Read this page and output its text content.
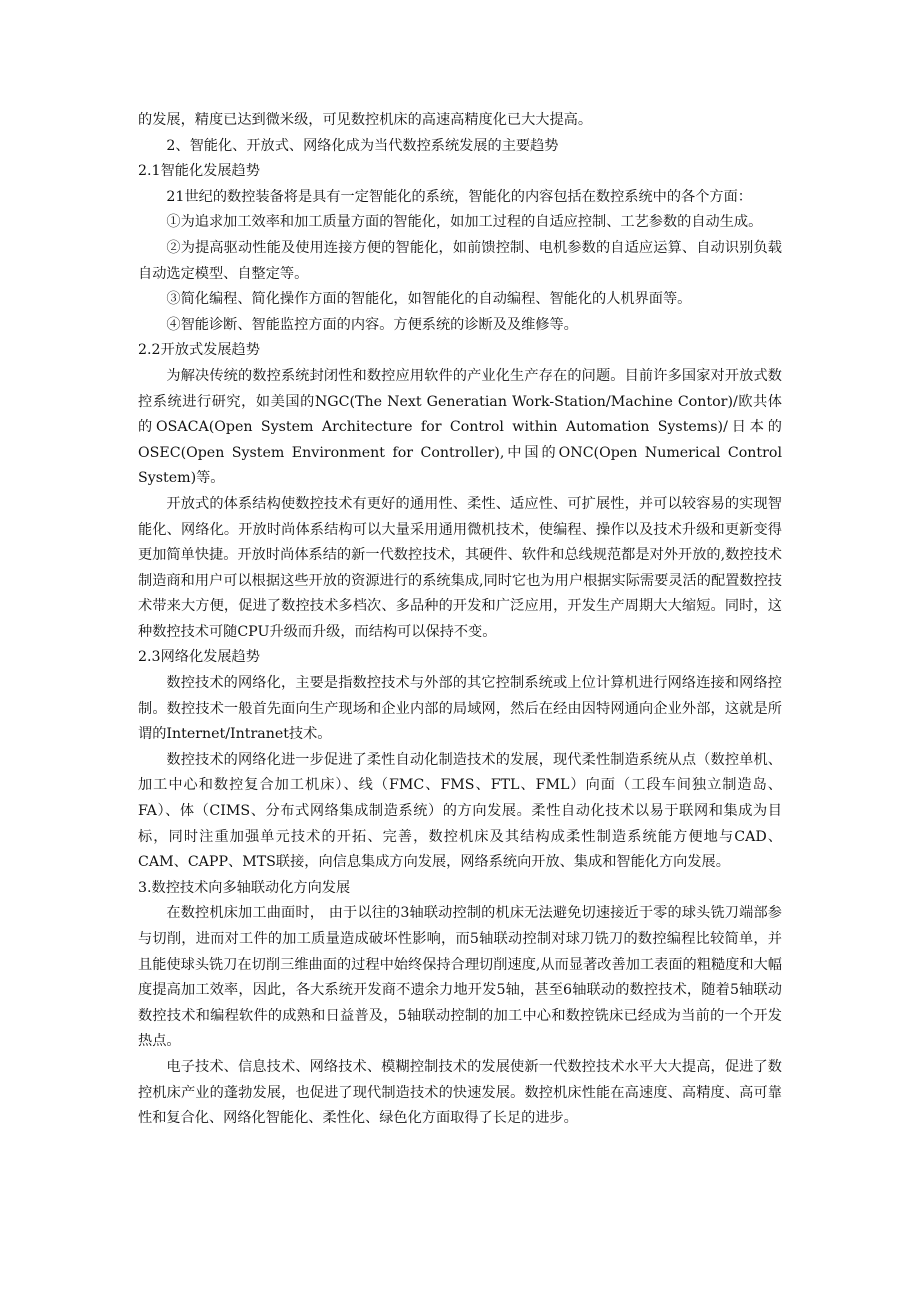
的发展，精度已达到微米级，可见数控机床的高速高精度化已大大提高。

2、智能化、开放式、网络化成为当代数控系统发展的主要趋势

2.1智能化发展趋势

21世纪的数控装备将是具有一定智能化的系统，智能化的内容包括在数控系统中的各个方面：

①为追求加工效率和加工质量方面的智能化，如加工过程的自适应控制、工艺参数的自动生成。

②为提高驱动性能及使用连接方便的智能化，如前馈控制、电机参数的自适应运算、自动识别负载自动选定模型、自整定等。

③简化编程、简化操作方面的智能化，如智能化的自动编程、智能化的人机界面等。

④智能诊断、智能监控方面的内容。方便系统的诊断及及维修等。

2.2开放式发展趋势

为解决传统的数控系统封闭性和数控应用软件的产业化生产存在的问题。目前许多国家对开放式数控系统进行研究，如美国的NGC(The Next Generatian Work-Station/Machine Contor)/欧共体的OSACA(Open System Architecture for Control within Automation Systems)/日本的OSEC(Open System Environment for Controller),中国的ONC(Open Numerical Control System)等。

开放式的体系结构使数控技术有更好的通用性、柔性、适应性、可扩展性，并可以较容易的实现智能化、网络化。开放时尚体系结构可以大量采用通用微机技术，使编程、操作以及技术升级和更新变得更加简单快捷。开放时尚体系结的新一代数控技术，其硬件、软件和总线规范都是对外开放的,数控技术制造商和用户可以根据这些开放的资源进行的系统集成,同时它也为用户根据实际需要灵活的配置数控技术带来大方便，促进了数控技术多档次、多品种的开发和广泛应用，开发生产周期大大缩短。同时，这种数控技术可随CPU升级而升级，而结构可以保持不变。

2.3网络化发展趋势

数控技术的网络化，主要是指数控技术与外部的其它控制系统或上位计算机进行网络连接和网络控制。数控技术一般首先面向生产现场和企业内部的局域网，然后在经由因特网通向企业外部，这就是所谓的Internet/Intranet技术。

数控技术的网络化进一步促进了柔性自动化制造技术的发展，现代柔性制造系统从点（数控单机、加工中心和数控复合加工机床）、线（FMC、FMS、FTL、FML）向面（工段车间独立制造岛、FA）、体（CIMS、分布式网络集成制造系统）的方向发展。柔性自动化技术以易于联网和集成为目标，同时注重加强单元技术的开拓、完善，数控机床及其结构成柔性制造系统能方便地与CAD、CAM、CAPP、MTS联接，向信息集成方向发展，网络系统向开放、集成和智能化方向发展。

3.数控技术向多轴联动化方向发展

在数控机床加工曲面时， 由于以往的3轴联动控制的机床无法避免切速接近于零的球头铣刀端部参与切削，进而对工件的加工质量造成破坏性影响，而5轴联动控制对球刀铣刀的数控编程比较简单，并且能使球头铣刀在切削三维曲面的过程中始终保持合理切削速度,从而显著改善加工表面的粗糙度和大幅度提高加工效率，因此，各大系统开发商不遗余力地开发5轴，甚至6轴联动的数控技术，随着5轴联动数控技术和编程软件的成熟和日益普及，5轴联动控制的加工中心和数控铣床已经成为当前的一个开发热点。

电子技术、信息技术、网络技术、模糊控制技术的发展使新一代数控技术水平大大提高，促进了数控机床产业的蓬勃发展，也促进了现代制造技术的快速发展。数控机床性能在高速度、高精度、高可靠性和复合化、网络化智能化、柔性化、绿色化方面取得了长足的进步。
